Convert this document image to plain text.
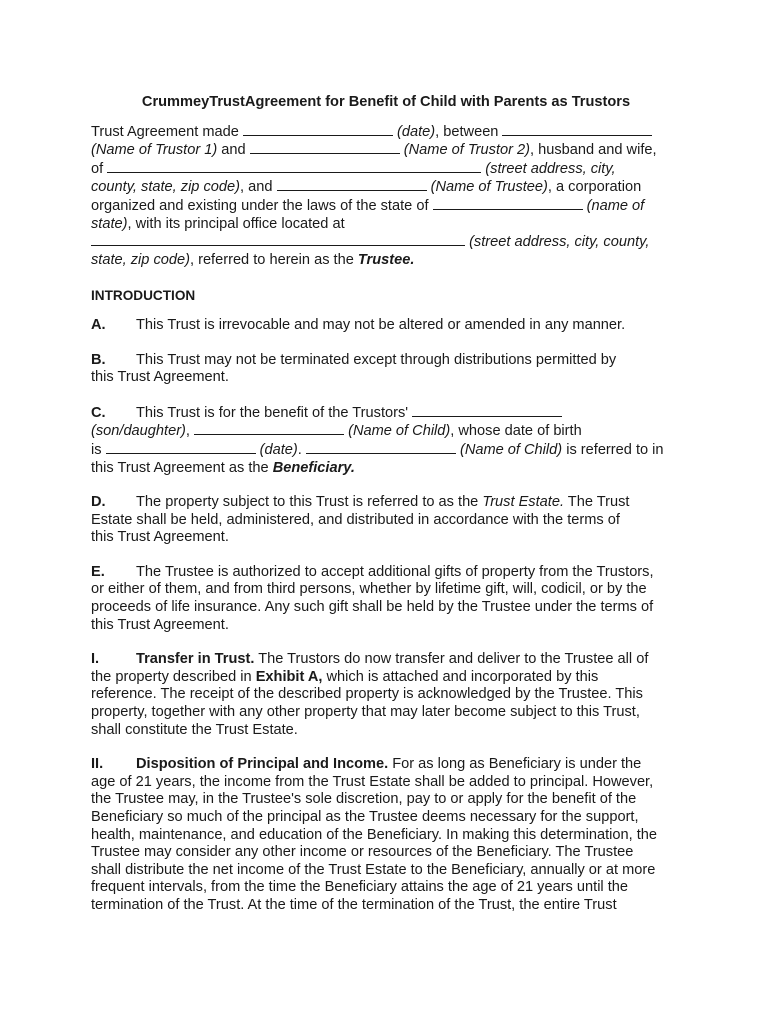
CrummeyTrustAgreement for Benefit of Child with Parents as Trustors
Trust Agreement made	(date), between
(Name of Trustor 1) and	(Name of Trustor 2), husband and wife,
of	(street address, city,
county, state, zip code), and	(Name of Trustee), a corporation
organized and existing under the laws of the state of	(name of
state), with its principal office located at
(street address, city, county,
state, zip code), referred to herein as the Trustee.
INTRODUCTION
A. This Trust is irrevocable and may not be altered or amended in any manner.
B. This Trust may not be terminated except through distributions permitted by
this Trust Agreement.
C. This Trust is for the benefit of the Trustors'
(son/daughter),	(Name of Child), whose date of birth
is	(date).	(Name of Child) is referred to in
this Trust Agreement as the Beneficiary.
D. The property subject to this Trust is referred to as the Trust Estate. The Trust
Estate shall be held, administered, and distributed in accordance with the terms of
this Trust Agreement.
E. The Trustee is authorized to accept additional gifts of property from the Trustors,
or either of them, and from third persons, whether by lifetime gift, will, codicil, or by the
proceeds of life insurance. Any such gift shall be held by the Trustee under the terms of
this Trust Agreement.
I.	Transfer in Trust. The Trustors do now transfer and deliver to the Trustee all of
the property described in Exhibit A, which is attached and incorporated by this
reference. The receipt of the described property is acknowledged by the Trustee. This
property, together with any other property that may later become subject to this Trust,
shall constitute the Trust Estate.
II. Disposition of Principal and Income. For as long as Beneficiary is under the
age of 21 years, the income from the Trust Estate shall be added to principal. However,
the Trustee may, in the Trustee's sole discretion, pay to or apply for the benefit of the
Beneficiary so much of the principal as the Trustee deems necessary for the support,
health, maintenance, and education of the Beneficiary. In making this determination, the
Trustee may consider any other income or resources of the Beneficiary. The Trustee
shall distribute the net income of the Trust Estate to the Beneficiary, annually or at more
frequent intervals, from the time the Beneficiary attains the age of 21 years until the
termination of the Trust. At the time of the termination of the Trust, the entire Trust
